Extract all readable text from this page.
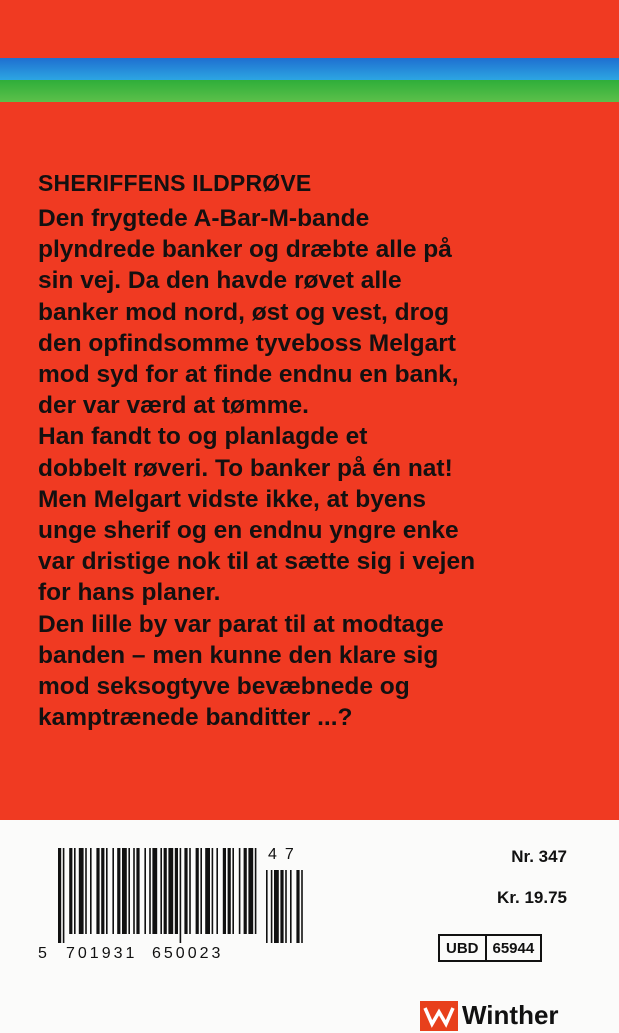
SHERIFFENS ILDPRØVE
Den frygtede A-Bar-M-bande
plyndrede banker og dræbte alle på
sin vej. Da den havde røvet alle
banker mod nord, øst og vest, drog
den opfindsomme tyveboss Melgart
mod syd for at finde endnu en bank,
der var værd at tømme.
Han fandt to og planlagde et
dobbelt røveri. To banker på én nat!
Men Melgart vidste ikke, at byens
unge sherif og en endnu yngre enke
var dristige nok til at sætte sig i vejen
for hans planer.
Den lille by var parat til at modtage
banden – men kunne den klare sig
mod seksogtyve bevæbnede og
kamptrænede banditter ...?
5 701931 650023
47	Nr. 347
Kr. 19.75
UBD 65944
Winther
